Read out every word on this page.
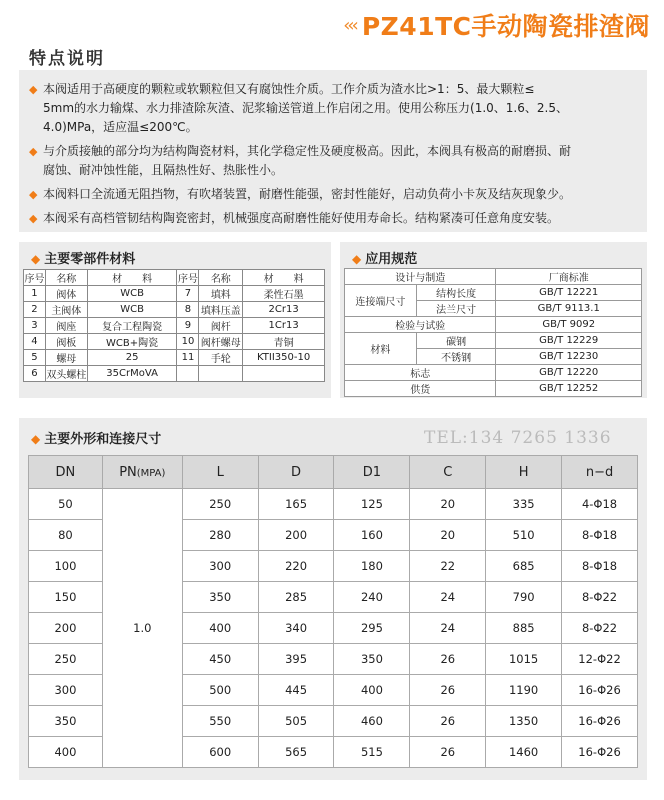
‹‹‹ PZ41TC手动陶瓷排渣阀
特点说明
◆ 本阀适用于高硬度的颗粒或软颗粒但又有腐蚀性介质。工作介质为渣水比>1：5、最大颗粒≤
5mm的水力输煤、水力排渣除灰渣、泥浆输送管道上作启闭之用。使用公称压力(1.0、1.6、2.5、
4.0)MPa，适应温≤200℃。
◆ 与介质接触的部分均为结构陶瓷材料，其化学稳定性及硬度极高。因此，本阀具有极高的耐磨损、耐
腐蚀、耐冲蚀性能，且隔热性好、热胀性小。
◆ 本阀料口全流通无阻挡物，有吹堵装置，耐磨性能强，密封性能好，启动负荷小卡灰及结灰现象少。
◆ 本阀采有高档管韧结构陶瓷密封，机械强度高耐磨性能好使用寿命长。结构紧凑可任意角度安装。
◆ 主要零部件材料
序号	名称	材　　料	序号	名称	材　　料
1	阀体	WCB	7	填料	柔性石墨
2	主阀体	WCB	8	填料压盖	2Cr13
3	阀座	复合工程陶瓷	9	阀杆	1Cr13
4	阀板	WCB+陶瓷	10	阀杆螺母	青铜
5	螺母	25	11	手轮	KTII350-10
6	双头螺柱	35CrMoVA			
◆ 应用规范
设计与制造		厂商标准
连接端尺寸	结构长度	GB/T 12221
	法兰尺寸	GB/T 9113.1
检验与试验		GB/T 9092
材料	碳钢	GB/T 12229
	不锈钢	GB/T 12230
标志		GB/T 12220
供货		GB/T 12252
◆ 主要外形和连接尺寸	TEL:134 7265 1336
DN	PN(MPA)	L	D	D1	C	H	n−d
50	1.0	250	165	125	20	335	4-Φ18
80		280	200	160	20	510	8-Φ18
100		300	220	180	22	685	8-Φ18
150		350	285	240	24	790	8-Φ22
200		400	340	295	24	885	8-Φ22
250		450	395	350	26	1015	12-Φ22
300		500	445	400	26	1190	16-Φ26
350		550	505	460	26	1350	16-Φ26
400		600	565	515	26	1460	16-Φ26
